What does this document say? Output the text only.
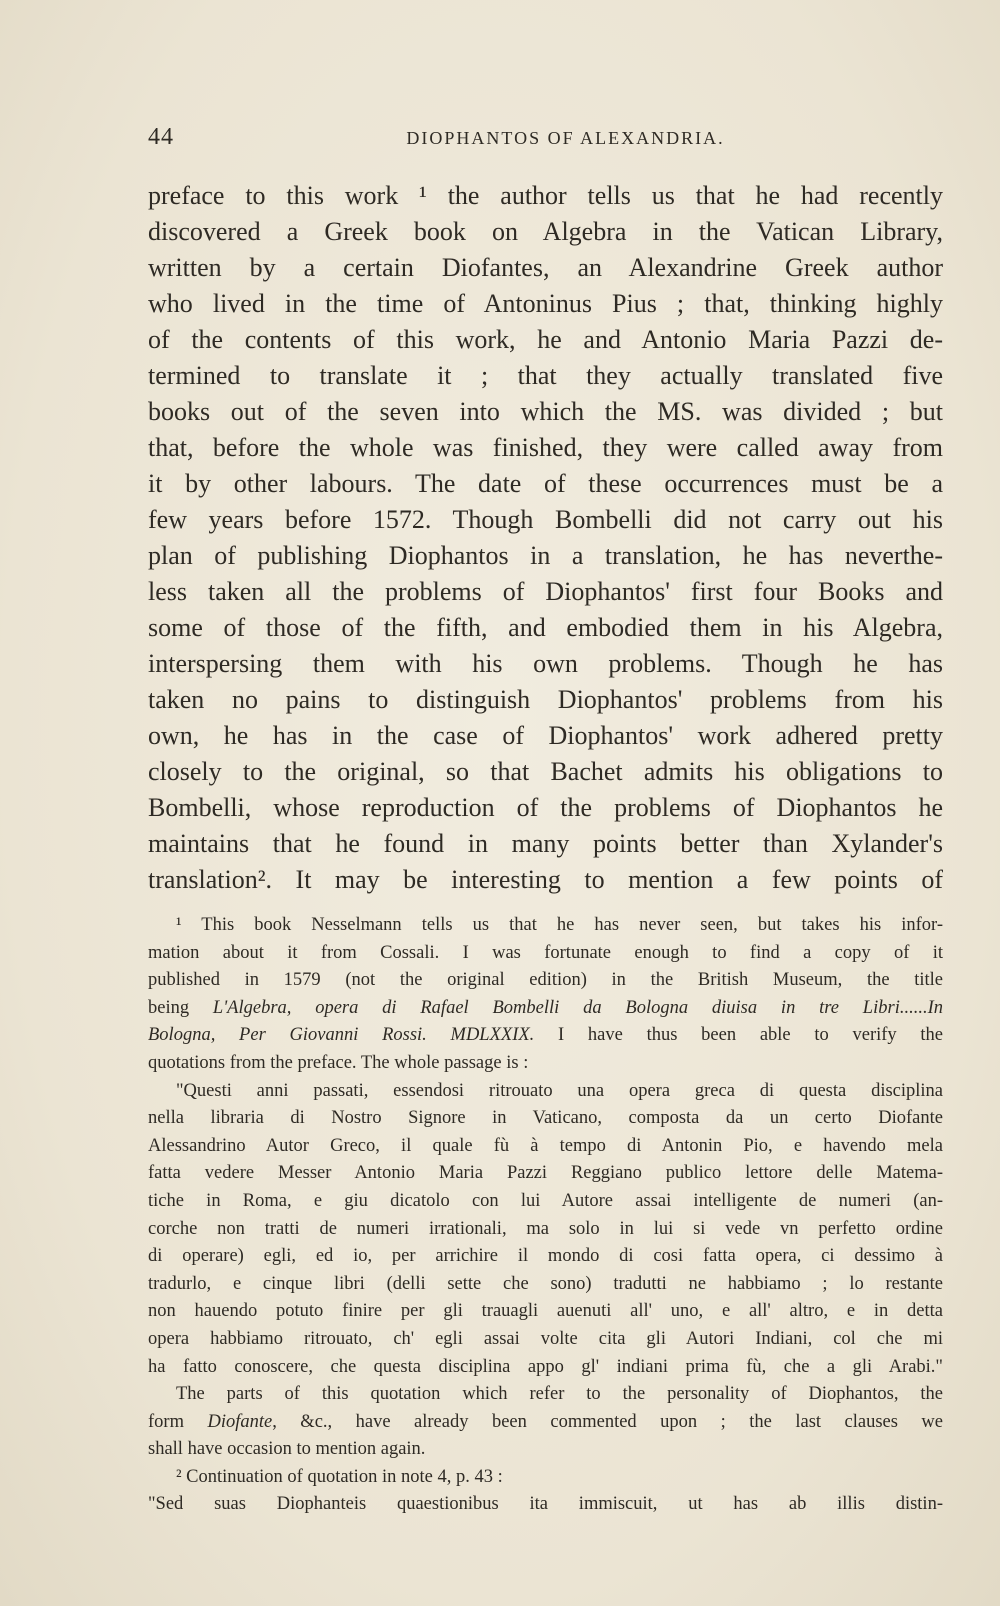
44	DIOPHANTOS OF ALEXANDRIA.
preface to this work ¹ the author tells us that he had recently
discovered a Greek book on Algebra in the Vatican Library,
written by a certain Diofantes, an Alexandrine Greek author
who lived in the time of Antoninus Pius ; that, thinking highly
of the contents of this work, he and Antonio Maria Pazzi de-
termined to translate it ; that they actually translated five
books out of the seven into which the MS. was divided ; but
that, before the whole was finished, they were called away from
it by other labours. The date of these occurrences must be a
few years before 1572. Though Bombelli did not carry out his
plan of publishing Diophantos in a translation, he has neverthe-
less taken all the problems of Diophantos' first four Books and
some of those of the fifth, and embodied them in his Algebra,
interspersing them with his own problems. Though he has
taken no pains to distinguish Diophantos' problems from his
own, he has in the case of Diophantos' work adhered pretty
closely to the original, so that Bachet admits his obligations to
Bombelli, whose reproduction of the problems of Diophantos he
maintains that he found in many points better than Xylander's
translation². It may be interesting to mention a few points of
¹ This book Nesselmann tells us that he has never seen, but takes his infor-
mation about it from Cossali. I was fortunate enough to find a copy of it
published in 1579 (not the original edition) in the British Museum, the title
being L'Algebra, opera di Rafael Bombelli da Bologna diuisa in tre Libri......In
Bologna, Per Giovanni Rossi. MDLXXIX. I have thus been able to verify the
quotations from the preface. The whole passage is :
"Questi anni passati, essendosi ritrouato una opera greca di questa disciplina
nella libraria di Nostro Signore in Vaticano, composta da un certo Diofante
Alessandrino Autor Greco, il quale fù à tempo di Antonin Pio, e havendo mela
fatta vedere Messer Antonio Maria Pazzi Reggiano publico lettore delle Matema-
tiche in Roma, e giu dicatolo con lui Autore assai intelligente de numeri (an-
corche non tratti de numeri irrationali, ma solo in lui si vede vn perfetto ordine
di operare) egli, ed io, per arrichire il mondo di cosi fatta opera, ci dessimo à
tradurlo, e cinque libri (delli sette che sono) tradutti ne habbiamo ; lo restante
non hauendo potuto finire per gli trauagli auenuti all' uno, e all' altro, e in detta
opera habbiamo ritrouato, ch' egli assai volte cita gli Autori Indiani, col che mi
ha fatto conoscere, che questa disciplina appo gl' indiani prima fù, che a gli Arabi."
The parts of this quotation which refer to the personality of Diophantos, the
form Diofante, &c., have already been commented upon ; the last clauses we
shall have occasion to mention again.
² Continuation of quotation in note 4, p. 43 :
"Sed suas Diophanteis quaestionibus ita immiscuit, ut has ab illis distin-
